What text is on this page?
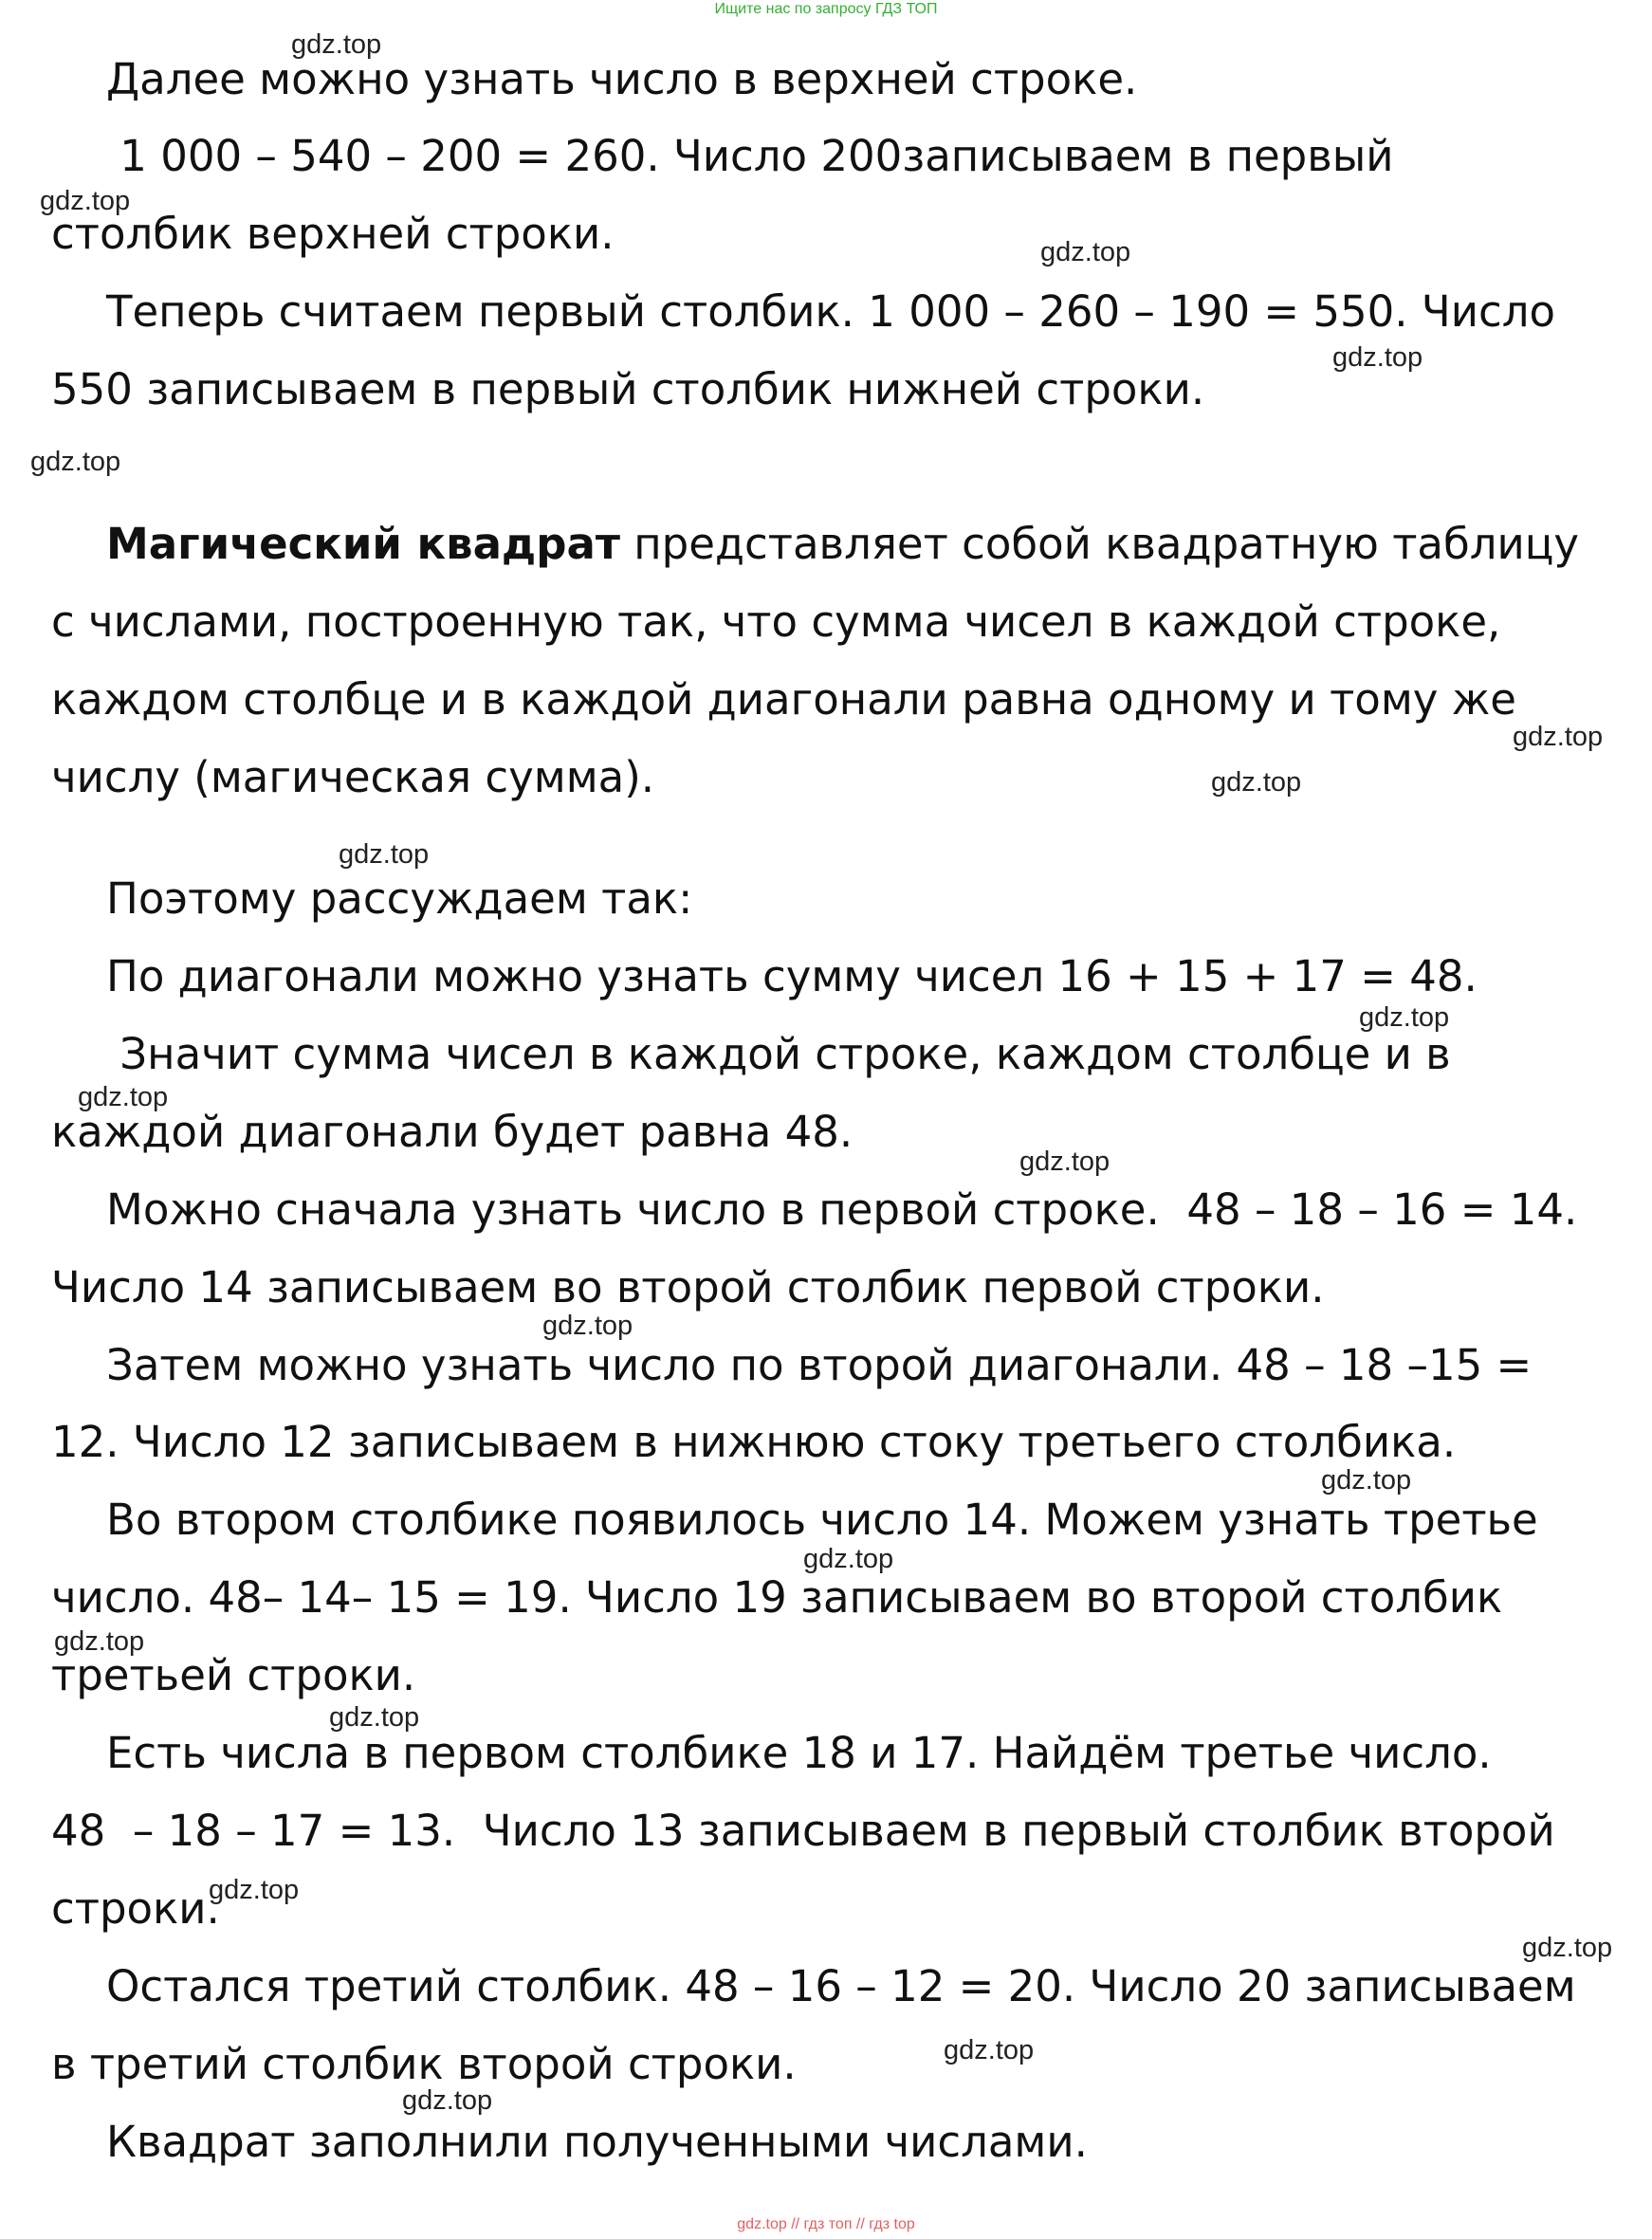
Ищите нас по запросу ГДЗ ТОП
Далее можно узнать число в верхней строке.
1 000 – 540 – 200 = 260. Число 200записываем в первый
столбик верхней строки.
Теперь считаем первый столбик. 1 000 – 260 – 190 = 550. Число
550 записываем в первый столбик нижней строки.
Магический квадрат представляет собой квадратную таблицу
с числами, построенную так, что сумма чисел в каждой строке,
каждом столбце и в каждой диагонали равна одному и тому же
числу (магическая сумма).
Поэтому рассуждаем так:
По диагонали можно узнать сумму чисел 16 + 15 + 17 = 48.
Значит сумма чисел в каждой строке, каждом столбце и в
каждой диагонали будет равна 48.
Можно сначала узнать число в первой строке.  48 – 18 – 16 = 14.
Число 14 записываем во второй столбик первой строки.
Затем можно узнать число по второй диагонали. 48 – 18 –15 =
12. Число 12 записываем в нижнюю стоку третьего столбика.
Во втором столбике появилось число 14. Можем узнать третье
число. 48– 14– 15 = 19. Число 19 записываем во второй столбик
третьей строки.
Есть числа в первом столбике 18 и 17. Найдём третье число.
48  – 18 – 17 = 13.  Число 13 записываем в первый столбик второй
строки.
Остался третий столбик. 48 – 16 – 12 = 20. Число 20 записываем
в третий столбик второй строки.
Квадрат заполнили полученными числами.
gdz.top
gdz.top
gdz.top
gdz.top
gdz.top
gdz.top
gdz.top
gdz.top
gdz.top
gdz.top
gdz.top
gdz.top
gdz.top
gdz.top
gdz.top
gdz.top
gdz.top
gdz.top
gdz.top
gdz.top
gdz.top // гдз топ // гдз top
